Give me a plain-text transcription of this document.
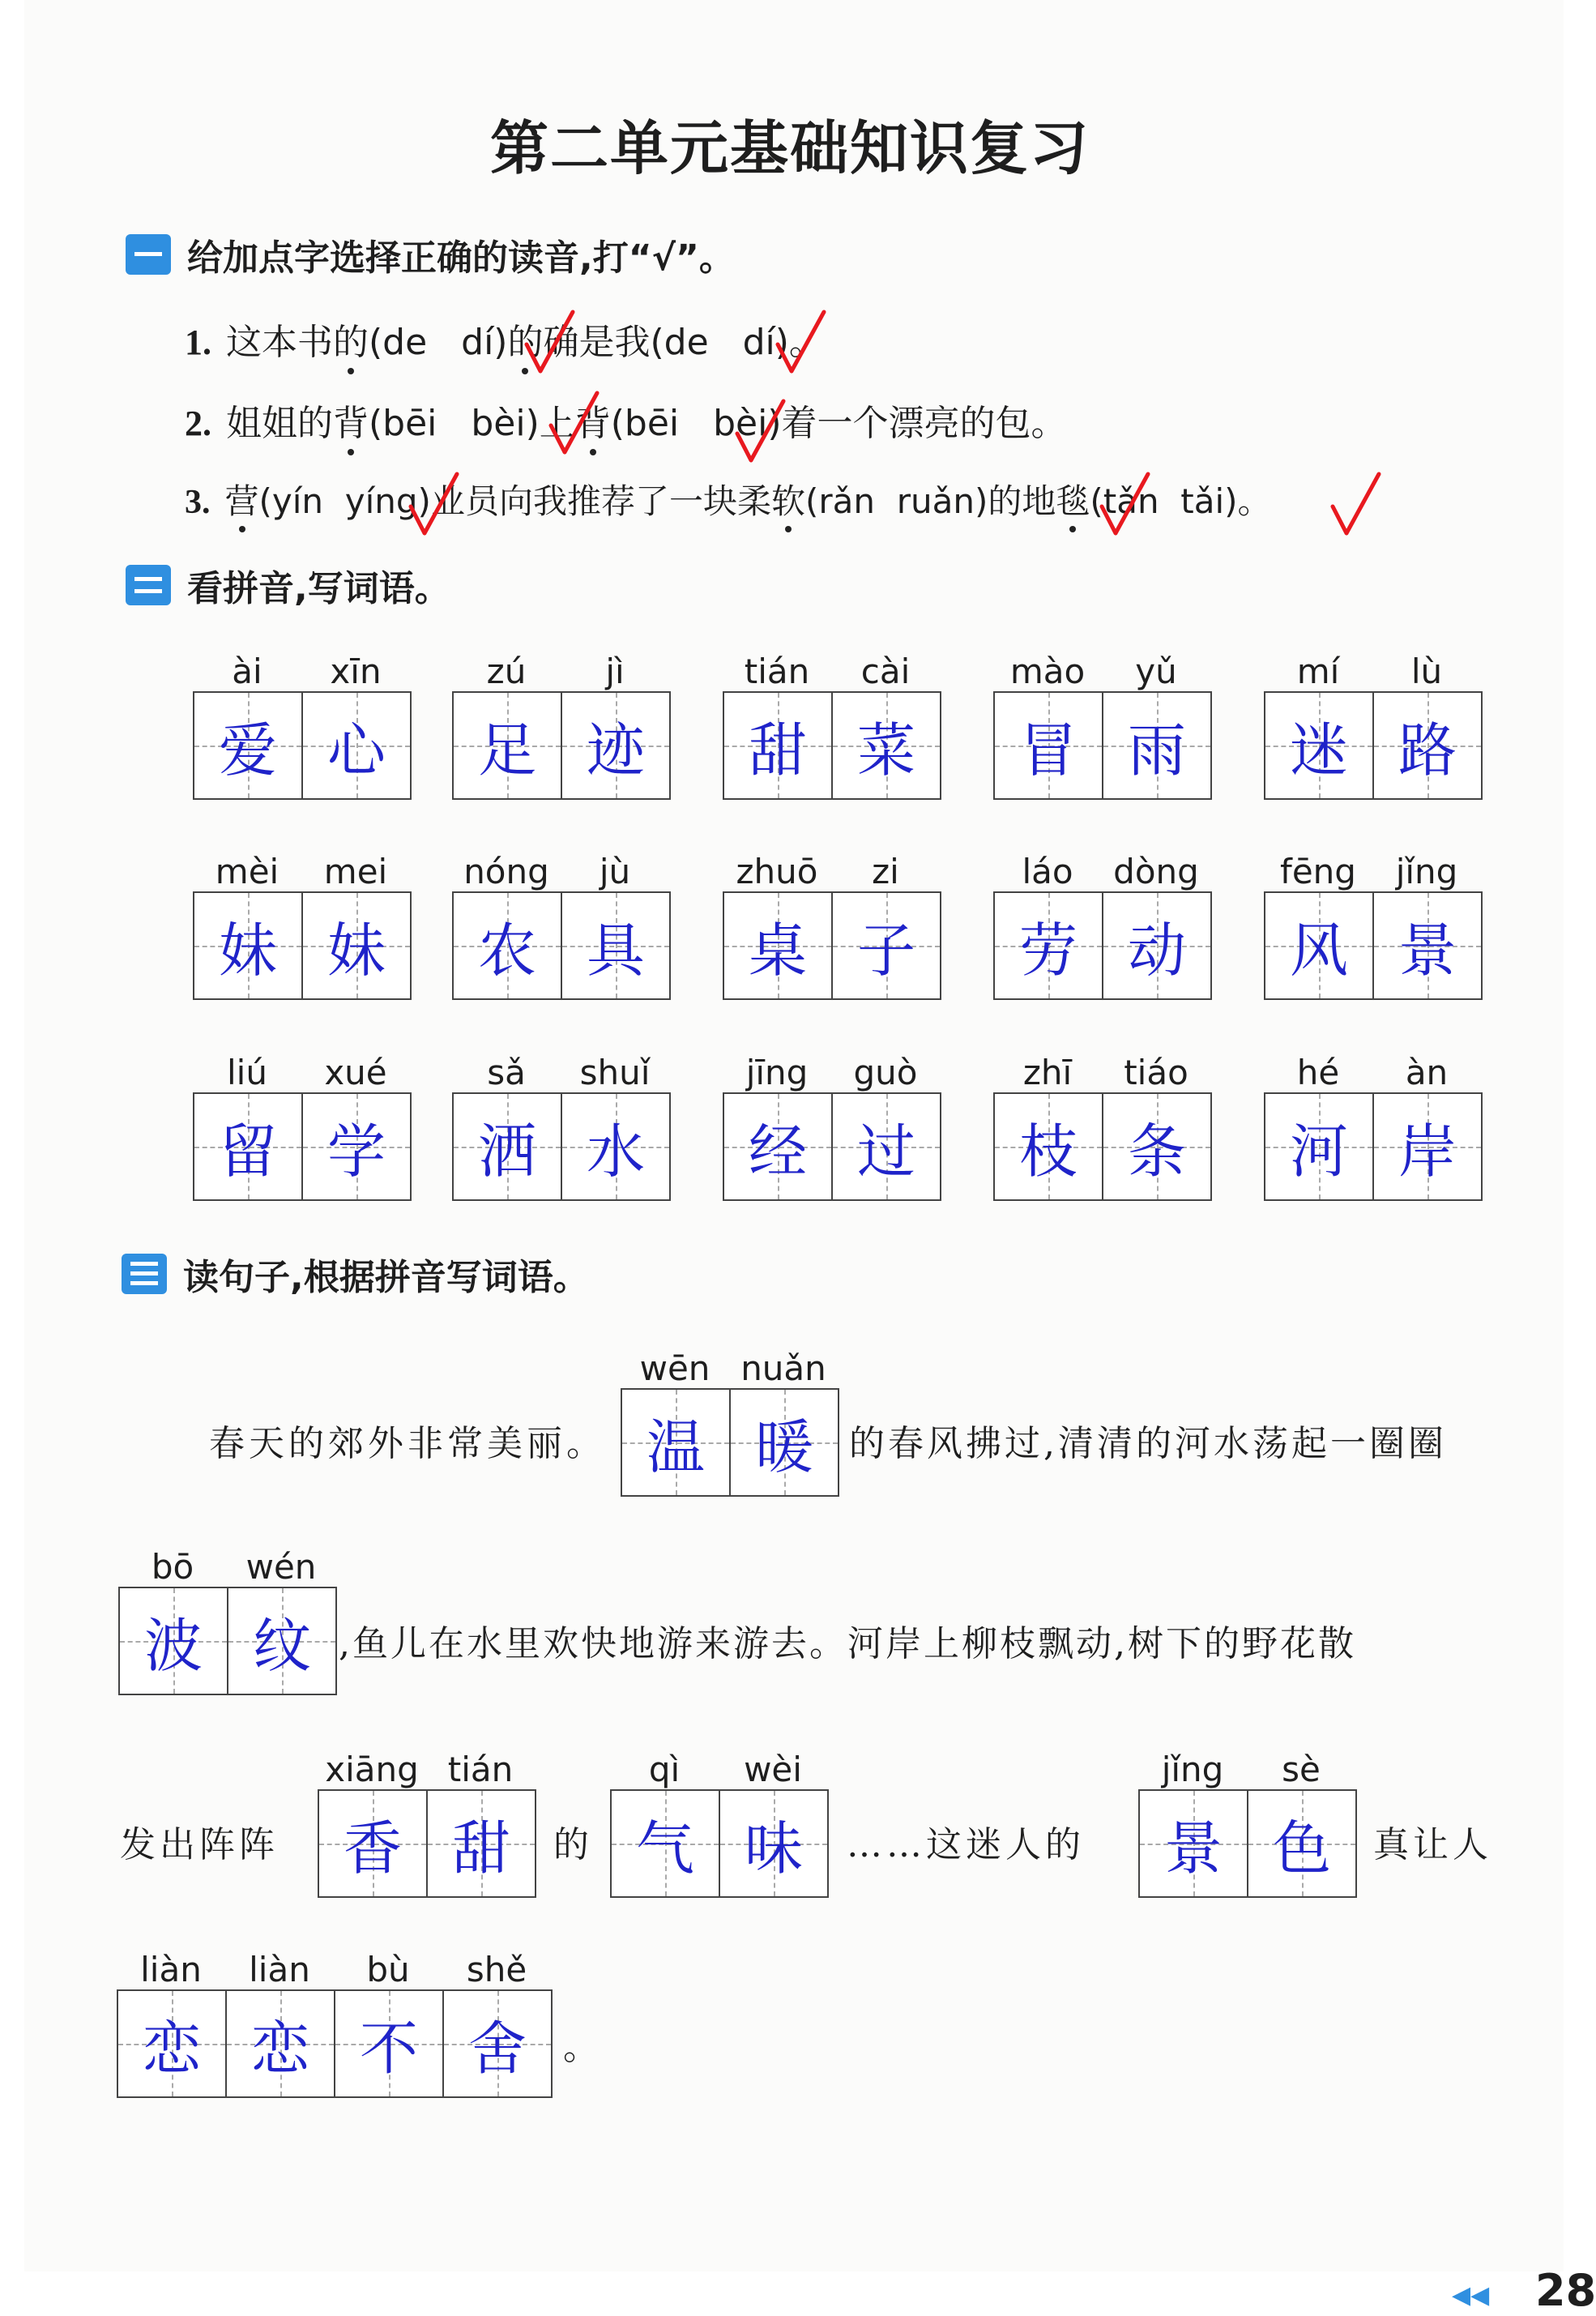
第二单元基础知识复习
给加点字选择正确的读音,打“√”。
1. 这本书的(de dí)的确是我(de dí)。
2. 姐姐的背(bēi bèi)上背(bēi bèi)着一个漂亮的包。
3. 营(yín yíng)业员向我推荐了一块柔软(rǎn ruǎn)的地毯(tǎn tǎi)。
看拼音,写词语。
ài	xīn
爱 心
zú	jì
足 迹
tián	cài
甜 菜
mào	yǔ
冒 雨
mí	lù
迷 路
mèi	mei
妹 妹
nóng	jù
农 具
zhuō	zi
桌 子
láo	dòng
劳 动
fēng	jǐng
风 景
liú	xué
留 学
sǎ	shuǐ
洒 水
jīng	guò
经 过
zhī	tiáo
枝 条
hé	àn
河 岸
读句子,根据拼音写词语。
春天的郊外非常美丽。	的春风拂过,清清的河水荡起一圈圈
,鱼儿在水里欢快地游来游去。河岸上柳枝飘动,树下的野花散
发出阵阵	的	……这迷人的	真让人
。
wēn nuǎn
温 暖
bō	wén
波 纹
xiāng tián
香 甜
qì	wèi
气 味
jǐng	sè
景 色
liàn	liàn	bù	shě
恋 恋 不 舍
◀◀ 28
